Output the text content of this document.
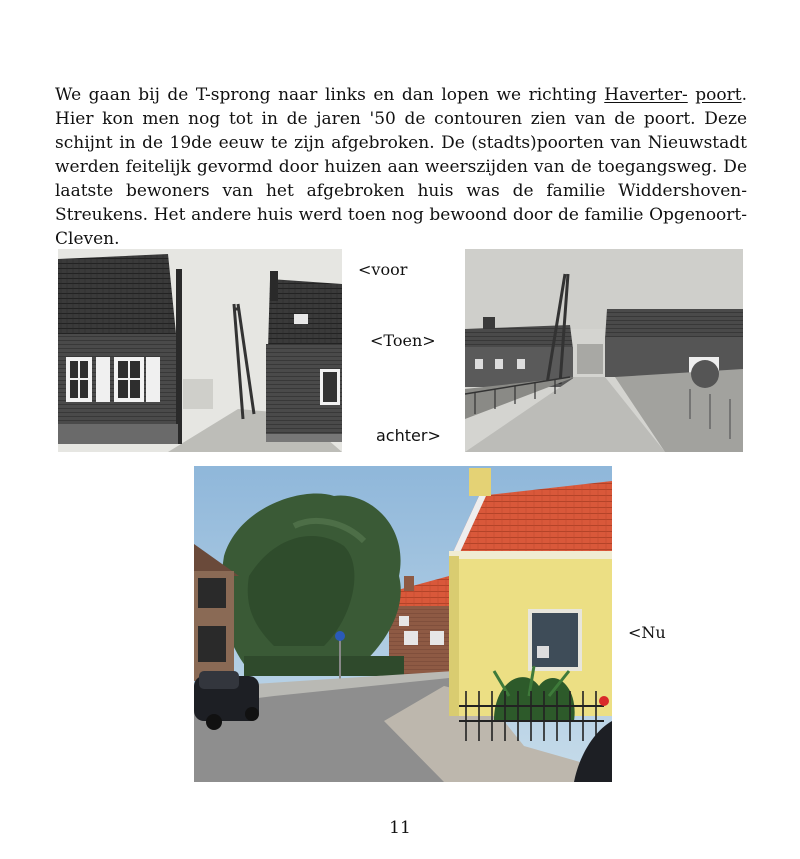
We gaan bij de T-sprong naar links en dan lopen we richting Haverter- poort. Hier kon men nog tot in de jaren '50 de contouren zien van de poort. Deze schijnt in de 19de eeuw te zijn afgebroken. De (stadts)poorten van Nieuwstadt werden feitelijk gevormd door huizen aan weerszijden van de toegangsweg. De laatste bewoners van het afgebroken huis was de familie Widdershoven-Streukens. Het andere huis werd toen nog bewoond door de familie Opgenoort-Cleven.

<voor
<Toen>
achter>
<Nu
11
